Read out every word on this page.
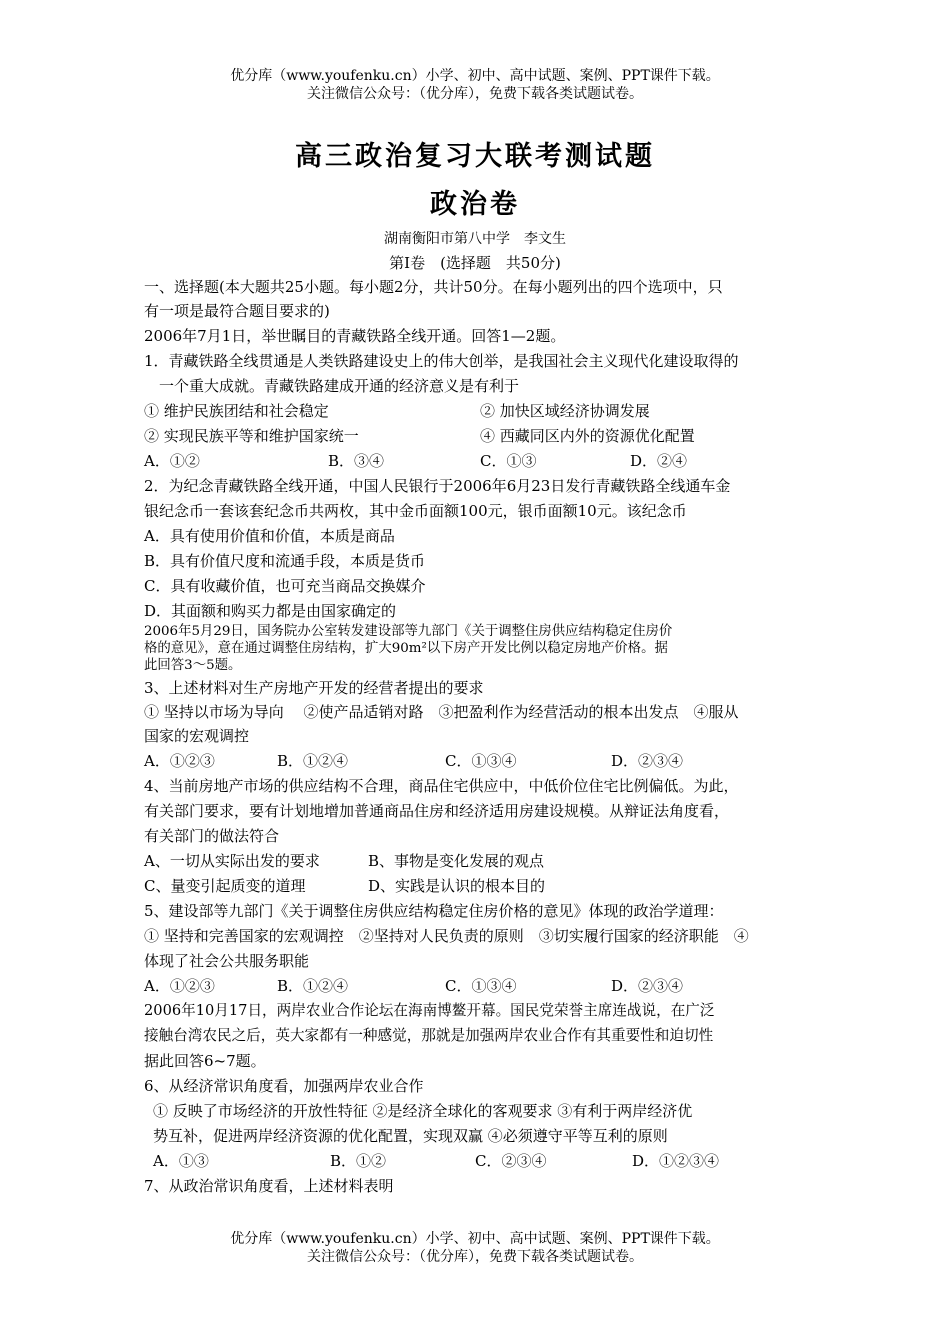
优分库（www.youfenku.cn）小学、初中、高中试题、案例、PPT课件下载。
关注微信公众号：（优分库），免费下载各类试题试卷。
高三政治复习大联考测试题
政治卷
湖南衡阳市第八中学　李文生
第I卷　(选择题　共50分)
一、选择题(本大题共25小题。每小题2分，共计50分。在每小题列出的四个选项中，只
有一项是最符合题目要求的)
2006年7月1日，举世瞩目的青藏铁路全线开通。回答1—2题。
1．青藏铁路全线贯通是人类铁路建设史上的伟大创举，是我国社会主义现代化建设取得的
　一个重大成就。青藏铁路建成开通的经济意义是有利于
① 维护民族团结和社会稳定	② 加快区域经济协调发展
② 实现民族平等和维护国家统一	④ 西藏同区内外的资源优化配置
A．①②	B．③④	C．①③	D．②④
2．为纪念青藏铁路全线开通，中国人民银行于2006年6月23日发行青藏铁路全线通车金
银纪念币一套该套纪念币共两枚，其中金币面额100元，银币面额10元。该纪念币
A．具有使用价值和价值，本质是商品
B．具有价值尺度和流通手段，本质是货币
C．具有收藏价值，也可充当商品交换媒介
D．其面额和购买力都是由国家确定的
2006年5月29日，国务院办公室转发建设部等九部门《关于调整住房供应结构稳定住房价
格的意见》，意在通过调整住房结构，扩大90m²以下房产开发比例以稳定房地产价格。据
此回答3～5题。
3、上述材料对生产房地产开发的经营者提出的要求
① 坚持以市场为导向　 ②使产品适销对路　③把盈利作为经营活动的根本出发点　④服从
国家的宏观调控
A．①②③	B．①②④	C．①③④	D．②③④
4、当前房地产市场的供应结构不合理，商品住宅供应中，中低价位住宅比例偏低。为此，
有关部门要求，要有计划地增加普通商品住房和经济适用房建设规模。从辩证法角度看，
有关部门的做法符合
A、一切从实际出发的要求	B、事物是变化发展的观点
C、量变引起质变的道理	D、实践是认识的根本目的
5、建设部等九部门《关于调整住房供应结构稳定住房价格的意见》体现的政治学道理：
① 坚持和完善国家的宏观调控　②坚持对人民负责的原则　③切实履行国家的经济职能　④
体现了社会公共服务职能
A．①②③	B．①②④	C．①③④	D．②③④
2006年10月17日，两岸农业合作论坛在海南博鳌开幕。国民党荣誉主席连战说，在广泛
接触台湾农民之后，英大家都有一种感觉，那就是加强两岸农业合作有其重要性和迫切性
据此回答6~7题。
6、从经济常识角度看，加强两岸农业合作
① 反映了市场经济的开放性特征 ②是经济全球化的客观要求 ③有利于两岸经济优
势互补，促进两岸经济资源的优化配置，实现双赢 ④必须遵守平等互利的原则
A．①③	B．①②	C．②③④	D．①②③④
7、从政治常识角度看，上述材料表明
优分库（www.youfenku.cn）小学、初中、高中试题、案例、PPT课件下载。
关注微信公众号：（优分库），免费下载各类试题试卷。
